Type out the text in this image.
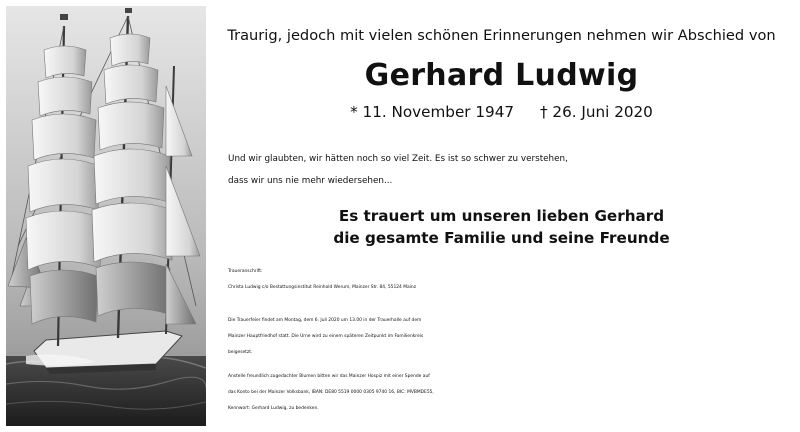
Traurig, jedoch mit vielen schönen Erinnerungen nehmen wir Abschied von
Gerhard Ludwig
* 11. November 1947 † 26. Juni 2020
Und wir glaubten, wir hätten noch so viel Zeit. Es ist so schwer zu verstehen,
dass wir uns nie mehr wiedersehen...
Es trauert um unseren lieben Gerhard
die gesamte Familie und seine Freunde
Traueranschrift:
Christa Ludwig c/o Bestattungsinstitut Reinhold Werum, Mainzer Str. 84, 55124 Mainz
Die Trauerfeier findet am Montag, dem 6. Juli 2020 um 13.00 in der Trauerhalle auf dem
Mainzer Hauptfriedhof statt. Die Urne wird zu einem späteren Zeitpunkt im Familienkreis
beigesetzt.
Anstelle freundlich zugedachter Blumen bitten wir das Mainzer Hospiz mit einer Spende auf
das Konto bei der Mainzer Volksbank, IBAN: DE80 5519 0000 0305 9740 16, BIC: MVBMDE55,
Kennwort: Gerhard Ludwig, zu bedenken.
